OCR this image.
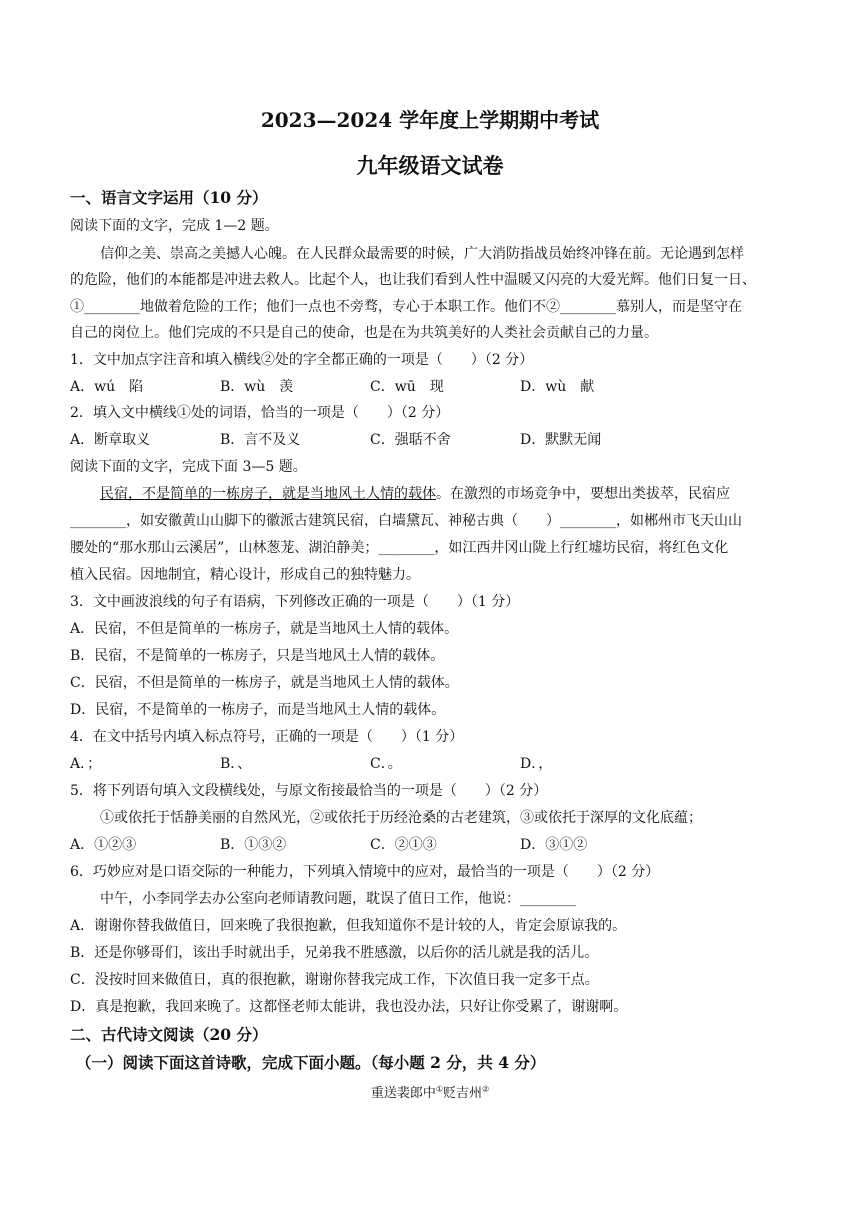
2023—2024 学年度上学期期中考试
九年级语文试卷
一、语言文字运用（10 分）
阅读下面的文字，完成 1—2 题。
信仰之美、崇高之美撼人心魄。在人民群众最需要的时候，广大消防指战员始终冲锋在前。无论遇到怎样
的危险，他们的本能都是冲进去救人。比起个人，也让我们看到人性中温暖又闪亮的大爱光辉。他们日复一日、
①________地做着危险的工作；他们一点也不旁骛，专心于本职工作。他们不②________慕别人，而是坚守在
自己的岗位上。他们完成的不只是自己的使命，也是在为共筑美好的人类社会贡献自己的力量。
1．文中加点字注音和填入横线②处的字全都正确的一项是（　　）（2 分）
A．wú　陷	B．wù　羡	C．wū　现	D．wù　献
2．填入文中横线①处的词语，恰当的一项是（　　）（2 分）
A．断章取义	B．言不及义	C．强聒不舍	D．默默无闻
阅读下面的文字，完成下面 3—5 题。
民宿，不是简单的一栋房子，就是当地风土人情的载体。在激烈的市场竞争中，要想出类拔萃，民宿应
________，如安徽黄山山脚下的徽派古建筑民宿，白墙黛瓦、神秘古典（　　）________，如郴州市飞天山山
腰处的“那水那山云溪居”，山林葱茏、湖泊静美；________，如江西井冈山陇上行红墟坊民宿，将红色文化
植入民宿。因地制宜，精心设计，形成自己的独特魅力。
3．文中画波浪线的句子有语病，下列修改正确的一项是（　　）（1 分）
A．民宿，不但是简单的一栋房子，就是当地风土人情的载体。
B．民宿，不是简单的一栋房子，只是当地风土人情的载体。
C．民宿，不但是简单的一栋房子，就是当地风土人情的载体。
D．民宿，不是简单的一栋房子，而是当地风土人情的载体。
4．在文中括号内填入标点符号，正确的一项是（　　）（1 分）
A．；	B．、	C．。	D．，
5．将下列语句填入文段横线处，与原文衔接最恰当的一项是（　　）（2 分）
①或依托于恬静美丽的自然风光，②或依托于历经沧桑的古老建筑，③或依托于深厚的文化底蕴；
A．①②③	B．①③②	C．②①③	D．③①②
6．巧妙应对是口语交际的一种能力，下列填入情境中的应对，最恰当的一项是（　　）（2 分）
中午，小李同学去办公室向老师请教问题，耽误了值日工作，他说：________
A．谢谢你替我做值日，回来晚了我很抱歉，但我知道你不是计较的人，肯定会原谅我的。
B．还是你够哥们，该出手时就出手，兄弟我不胜感激，以后你的活儿就是我的活儿。
C．没按时回来做值日，真的很抱歉，谢谢你替我完成工作，下次值日我一定多干点。
D．真是抱歉，我回来晚了。这都怪老师太能讲，我也没办法，只好让你受累了，谢谢啊。
二、古代诗文阅读（20 分）
（一）阅读下面这首诗歌，完成下面小题。（每小题 2 分，共 4 分）
重送裴郎中①贬吉州②
